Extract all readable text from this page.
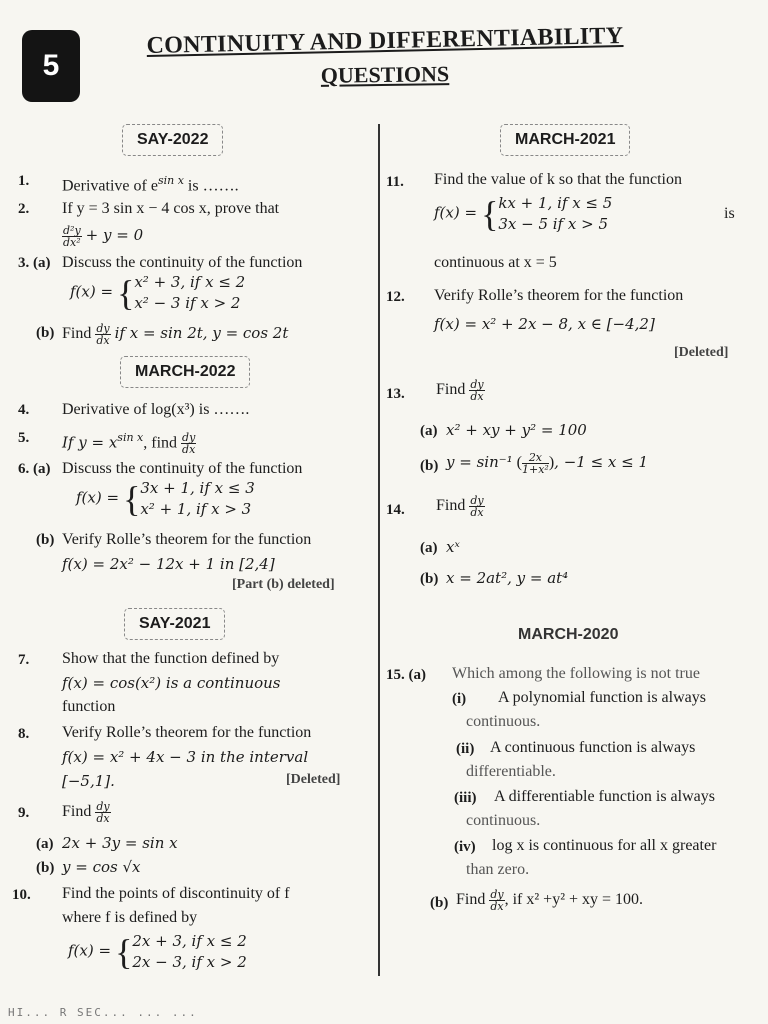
5
CONTINUITY AND DIFFERENTIABILITY
QUESTIONS
SAY-2022
1. Derivative of $e^{sin x}$ is …….
2. If y = 3 sin x − 4 cos x, prove that
$\frac{\text{d²y}}{\text{dx²}} + y = 0$
3. (a) Discuss the continuity of the function
f(x) = { x² + 3, if x ≤ 2
x² − 3 if x > 2
(b) Find $\frac{dy}{dx}$ if x = sin 2t, y = cos 2t
MARCH-2022
4. Derivative of log(x³) is …….
5. If $y = x^{sin x}$, find $\frac{dy}{dx}$
6. (a) Discuss the continuity of the function
f(x) = { 3x + 1, if x ≤ 3
x² + 1, if x > 3
(b) Verify Rolle’s theorem for the function
f(x) = 2x² − 12x + 1 in [2,4]
[Part (b) deleted]
SAY-2021
7. Show that the function defined by
f(x) = cos(x²) is a continuous
function
8. Verify Rolle’s theorem for the function
f(x) = x² + 4x − 3 in the interval
[−5,1].	[Deleted]
9. Find $\frac{dy}{dx}$
(a) 2x + 3y = sin x
(b) y = cos √x
10. Find the points of discontinuity of f
where f is defined by
f(x) = { 2x + 3, if x ≤ 2
2x − 3, if x > 2
MARCH-2021
11. Find the value of k so that the function
f(x) = { kx + 1, if x ≤ 5
3x − 5 if x > 5
is
continuous at x = 5
12. Verify Rolle’s theorem for the function
f(x) = x² + 2x − 8, x ∈ [−4,2]
[Deleted]
13. Find $\frac{dy}{dx}$
(a) x² + xy + y² = 100
(b) y = sin⁻¹ ( $\frac{2x}{\text{1+x²}}$ ), −1 ≤ x ≤ 1
14. Find $\frac{dy}{dx}$
(a) xˣ
(b) x = 2at², y = at⁴
MARCH-2020
15. (a) Which among the following is not true
(i) A polynomial function is always
continuous.
(ii) A continuous function is always
differentiable.
(iii) A differentiable function is always
continuous.
(iv) log x is continuous for all x greater
than zero.
(b) Find $\frac{dy}{dx}$ , if x² +y² + xy = 100.
HI... R SEC... ... ...
